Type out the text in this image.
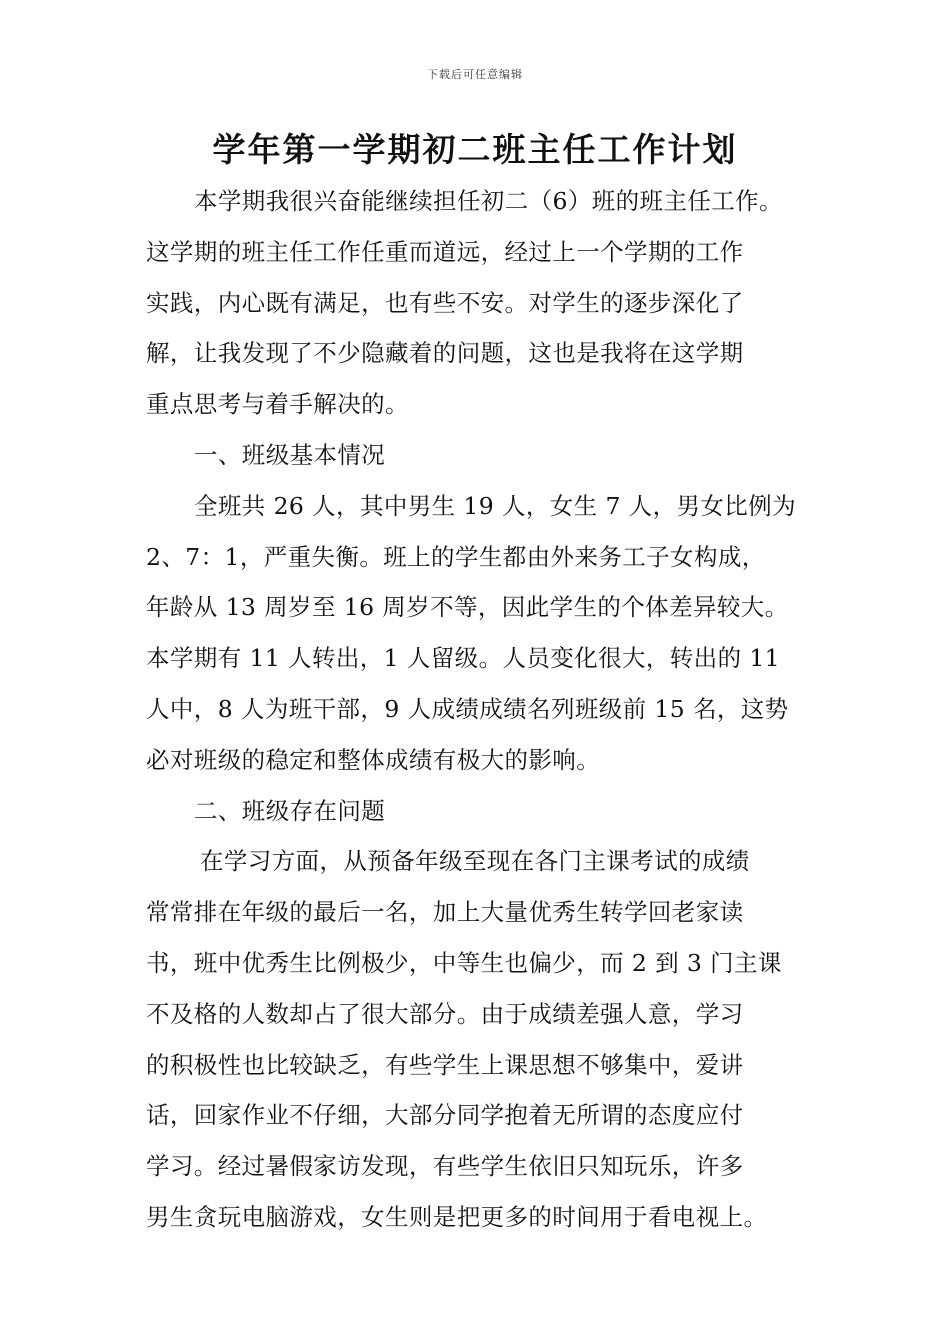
下载后可任意编辑
学年第一学期初二班主任工作计划
本学期我很兴奋能继续担任初二（6）班的班主任工作。
这学期的班主任工作任重而道远，经过上一个学期的工作
实践，内心既有满足，也有些不安。对学生的逐步深化了
解，让我发现了不少隐藏着的问题，这也是我将在这学期
重点思考与着手解决的。
一、班级基本情况
全班共 26 人，其中男生 19 人，女生 7 人，男女比例为
2、7：1，严重失衡。班上的学生都由外来务工子女构成，
年龄从 13 周岁至 16 周岁不等，因此学生的个体差异较大。
本学期有 11 人转出，1 人留级。人员变化很大，转出的 11
人中，8 人为班干部，9 人成绩成绩名列班级前 15 名，这势
必对班级的稳定和整体成绩有极大的影响。
二、班级存在问题
在学习方面，从预备年级至现在各门主课考试的成绩
常常排在年级的最后一名，加上大量优秀生转学回老家读
书，班中优秀生比例极少，中等生也偏少，而 2 到 3 门主课
不及格的人数却占了很大部分。由于成绩差强人意，学习
的积极性也比较缺乏，有些学生上课思想不够集中，爱讲
话，回家作业不仔细，大部分同学抱着无所谓的态度应付
学习。经过暑假家访发现，有些学生依旧只知玩乐，许多
男生贪玩电脑游戏，女生则是把更多的时间用于看电视上。
